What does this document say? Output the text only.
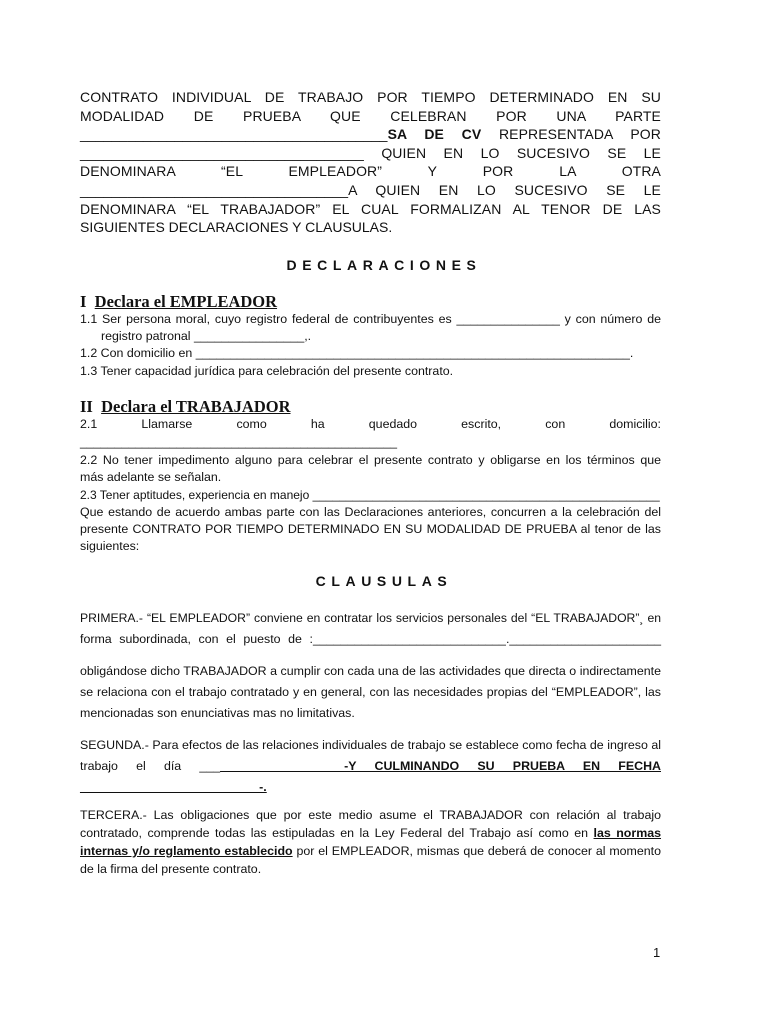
CONTRATO INDIVIDUAL DE TRABAJO POR TIEMPO DETERMINADO EN SU
MODALIDAD DE PRUEBA QUE CELEBRAN POR UNA PARTE
_______________________________________SA DE CV REPRESENTADA POR
____________________________________ QUIEN EN LO SUCESIVO SE LE
DENOMINARA “EL EMPLEADOR” Y POR LA OTRA
__________________________________A QUIEN EN LO SUCESIVO SE LE
DENOMINARA “EL TRABAJADOR” EL CUAL FORMALIZAN AL TENOR DE LAS
SIGUIENTES DECLARACIONES Y CLAUSULAS.
DECLARACIONES
I Declara el EMPLEADOR
1.1 Ser persona moral, cuyo registro federal de contribuyentes es _______________ y con número de
registro patronal ________________,.
1.2 Con domicilio en _______________________________________________________________.
1.3 Tener capacidad jurídica para celebración del presente contrato.
II Declara el TRABAJADOR
2.1 Llamarse como ha quedado escrito, con domicilio:
______________________________________________
2.2 No tener impedimento alguno para celebrar el presente contrato y obligarse en los términos que
más adelante se señalan.
2.3 Tener aptitudes, experiencia en manejo ____________________________________________________
Que estando de acuerdo ambas parte con las Declaraciones anteriores, concurren a la celebración del
presente CONTRATO POR TIEMPO DETERMINADO EN SU MODALIDAD DE PRUEBA al tenor de las
siguientes:
CLAUSULAS
PRIMERA.- “EL EMPLEADOR” conviene en contratar los servicios personales del “EL TRABAJADOR”¸ en
forma subordinada, con el puesto de :____________________________.______________________
obligándose dicho TRABAJADOR a cumplir con cada una de las actividades que directa o indirectamente
se relaciona con el trabajo contratado y en general, con las necesidades propias del “EMPLEADOR”, las
mencionadas son enunciativas mas no limitativas.
SEGUNDA.- Para efectos de las relaciones individuales de trabajo se establece como fecha de ingreso al
trabajo el día _____________________-Y CULMINANDO SU PRUEBA EN FECHA
__________________________-.
TERCERA.- Las obligaciones que por este medio asume el TRABAJADOR con relación al trabajo
contratado, comprende todas las estipuladas en la Ley Federal del Trabajo así como en las normas
internas y/o reglamento establecido por el EMPLEADOR, mismas que deberá de conocer al momento
de la firma del presente contrato.
1
